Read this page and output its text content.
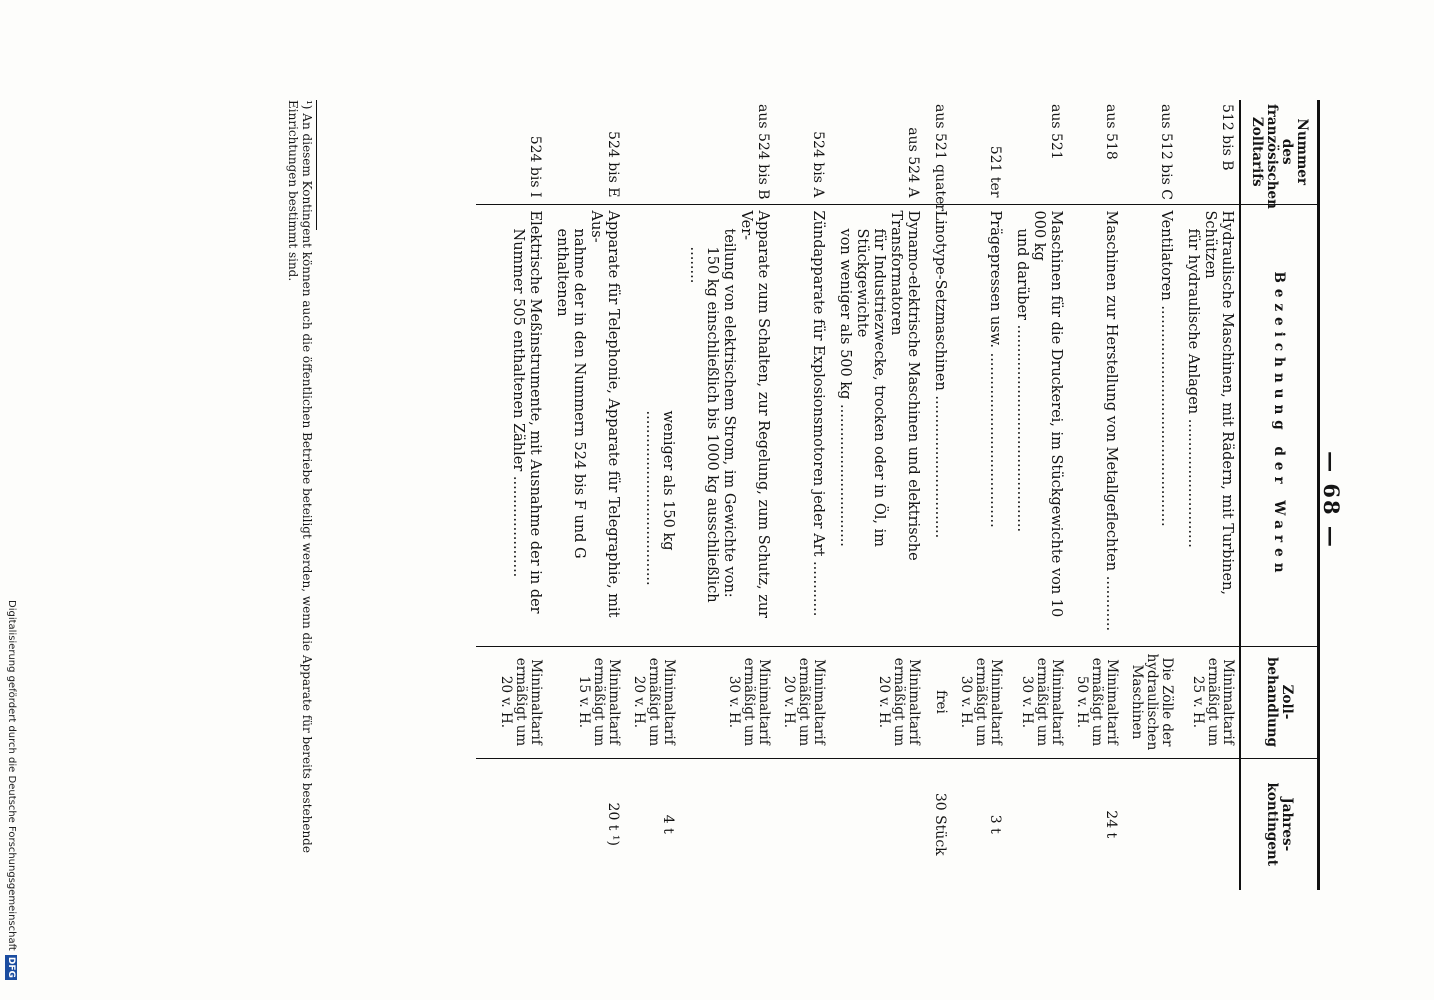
— 68 —
Nummer des französischen Zolltarifs	Bezeichnung der Waren	Zoll-behandlung	Jahres-kontingent
512 bis B	Hydraulische Maschinen, mit Rädern, mit Turbinen, Schützen
für hydraulische Anlagen ............................	Minimaltarif ermäßigt um 25 v. H.	
aus 512 bis C	Ventilatoren ................................................	Die Zölle der hydraulischen Maschinen	
aus 518	Maschinen zur Herstellung von Metallgeflechten ............	Minimaltarif ermäßigt um 50 v. H.	24 t
aus 521	Maschinen für die Druckerei, im Stückgewichte von 10 000 kg
und darüber .............................................	Minimaltarif ermäßigt um 30 v. H.	
521 ter	Prägepressen usw. ......................................	Minimaltarif ermäßigt um 30 v. H.	3 t
aus 521 quater	Linotype-Setzmaschinen ...............................	frei	30 Stück
aus 524 A	Dynamo-elektrische Maschinen und elektrische Transformatoren
für Industriezwecke, trocken oder in Öl, im Stückgewichte
von weniger als 500 kg ...............................	Minimaltarif ermäßigt um 20 v. H.	
524 bis A	Zündapparate für Explosionsmotoren jeder Art ............	Minimaltarif ermäßigt um 20 v. H.	
aus 524 bis B	Apparate zum Schalten, zur Regelung, zum Schutz, zur Ver-
teilung von elektrischem Strom, im Gewichte von:
150 kg einschließlich bis 1000 kg ausschließlich ........	Minimaltarif ermäßigt um 30 v. H.	

	weniger als 150 kg ......................................	Minimaltarif ermäßigt um 20 v. H.	4 t
524 bis E	Apparate für Telephonie, Apparate für Telegraphie, mit Aus-
nahme der in den Nummern 524 bis F und G enthaltenen	Minimaltarif ermäßigt um 15 v. H.	20 t ¹)
524 bis I	Elektrische Meßinstrumente, mit Ausnahme der in der
Nummer 505 enthaltenen Zähler ......................	Minimaltarif ermäßigt um 20 v. H.	
¹) An diesem Kontingent können auch die öffentlichen Betriebe beteiligt werden, wenn die Apparate für bereits bestehende Einrichtungen bestimmt sind.
Digitalisierung gefördert durch die Deutsche ForschungsgemeinschaftDFG
